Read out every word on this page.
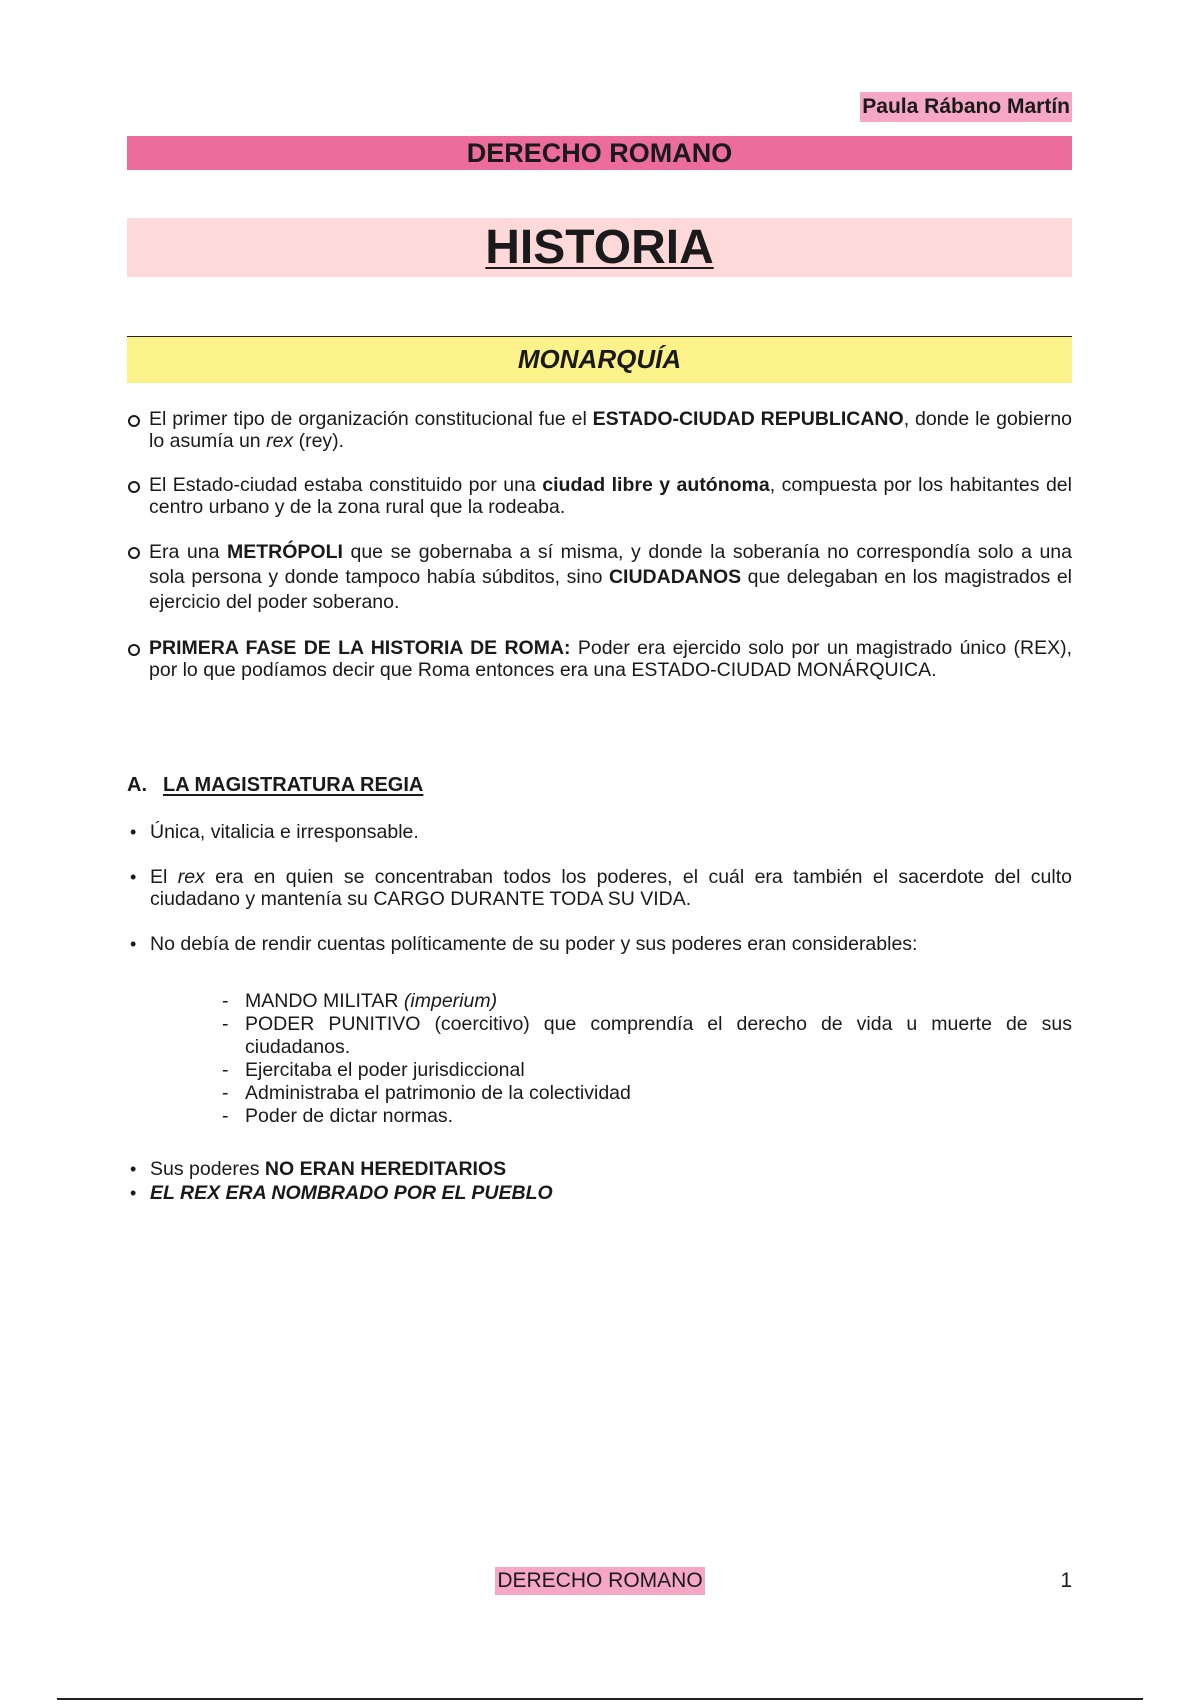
Paula Rábano Martín
DERECHO ROMANO
HISTORIA
MONARQUÍA
El primer tipo de organización constitucional fue el ESTADO-CIUDAD REPUBLICANO, donde le gobierno lo asumía un rex (rey).
El Estado-ciudad estaba constituido por una ciudad libre y autónoma, compuesta por los habitantes del centro urbano y de la zona rural que la rodeaba.
Era una METRÓPOLI que se gobernaba a sí misma, y donde la soberanía no correspondía solo a una sola persona y donde tampoco había súbditos, sino CIUDADANOS que delegaban en los magistrados el ejercicio del poder soberano.
PRIMERA FASE DE LA HISTORIA DE ROMA: Poder era ejercido solo por un magistrado único (REX), por lo que podíamos decir que Roma entonces era una ESTADO-CIUDAD MONÁRQUICA.
A. LA MAGISTRATURA REGIA
• Única, vitalicia e irresponsable.
• El rex era en quien se concentraban todos los poderes, el cuál era también el sacerdote del culto ciudadano y mantenía su CARGO DURANTE TODA SU VIDA.
• No debía de rendir cuentas políticamente de su poder y sus poderes eran considerables:
- MANDO MILITAR (imperium)
- PODER PUNITIVO (coercitivo) que comprendía el derecho de vida u muerte de sus ciudadanos.
- Ejercitaba el poder jurisdiccional
- Administraba el patrimonio de la colectividad
- Poder de dictar normas.
• Sus poderes NO ERAN HEREDITARIOS
• EL REX ERA NOMBRADO POR EL PUEBLO
DERECHO ROMANO	1
